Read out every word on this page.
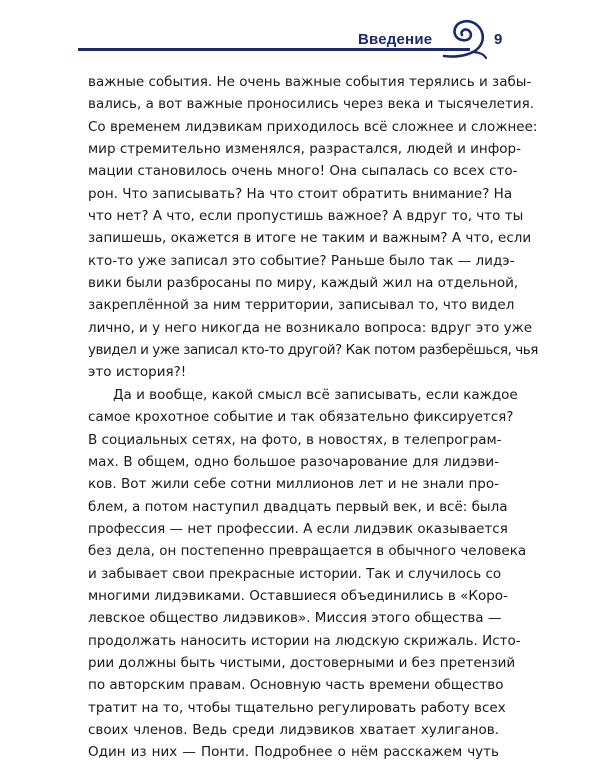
Введение	9
важные события. Не очень важные события терялись и забы-
вались, а вот важные проносились через века и тысячелетия.
Со временем лидэвикам приходилось всё сложнее и сложнее:
мир стремительно изменялся, разрастался, людей и инфор-
мации становилось очень много! Она сыпалась со всех сто-
рон. Что записывать? На что стоит обратить внимание? На
что нет? А что, если пропустишь важное? А вдруг то, что ты
запишешь, окажется в итоге не таким и важным? А что, если
кто-то уже записал это событие? Раньше было так — лидэ-
вики были разбросаны по миру, каждый жил на отдельной,
закреплённой за ним территории, записывал то, что видел
лично, и у него никогда не возникало вопроса: вдруг это уже
увидел и уже записал кто-то другой? Как потом разберёшься, чья
это история?!
Да и вообще, какой смысл всё записывать, если каждое
самое крохотное событие и так обязательно фиксируется?
В социальных сетях, на фото, в новостях, в телепрограм-
мах. В общем, одно большое разочарование для лидэви-
ков. Вот жили себе сотни миллионов лет и не знали про-
блем, а потом наступил двадцать первый век, и всё: была
профессия — нет профессии. А если лидэвик оказывается
без дела, он постепенно превращается в обычного человека
и забывает свои прекрасные истории. Так и случилось со
многими лидэвиками. Оставшиеся объединились в «Коро-
левское общество лидэвиков». Миссия этого общества —
продолжать наносить истории на людскую скрижаль. Исто-
рии должны быть чистыми, достоверными и без претензий
по авторским правам. Основную часть времени общество
тратит на то, чтобы тщательно регулировать работу всех
своих членов. Ведь среди лидэвиков хватает хулиганов.
Один из них — Понти. Подробнее о нём расскажем чуть
